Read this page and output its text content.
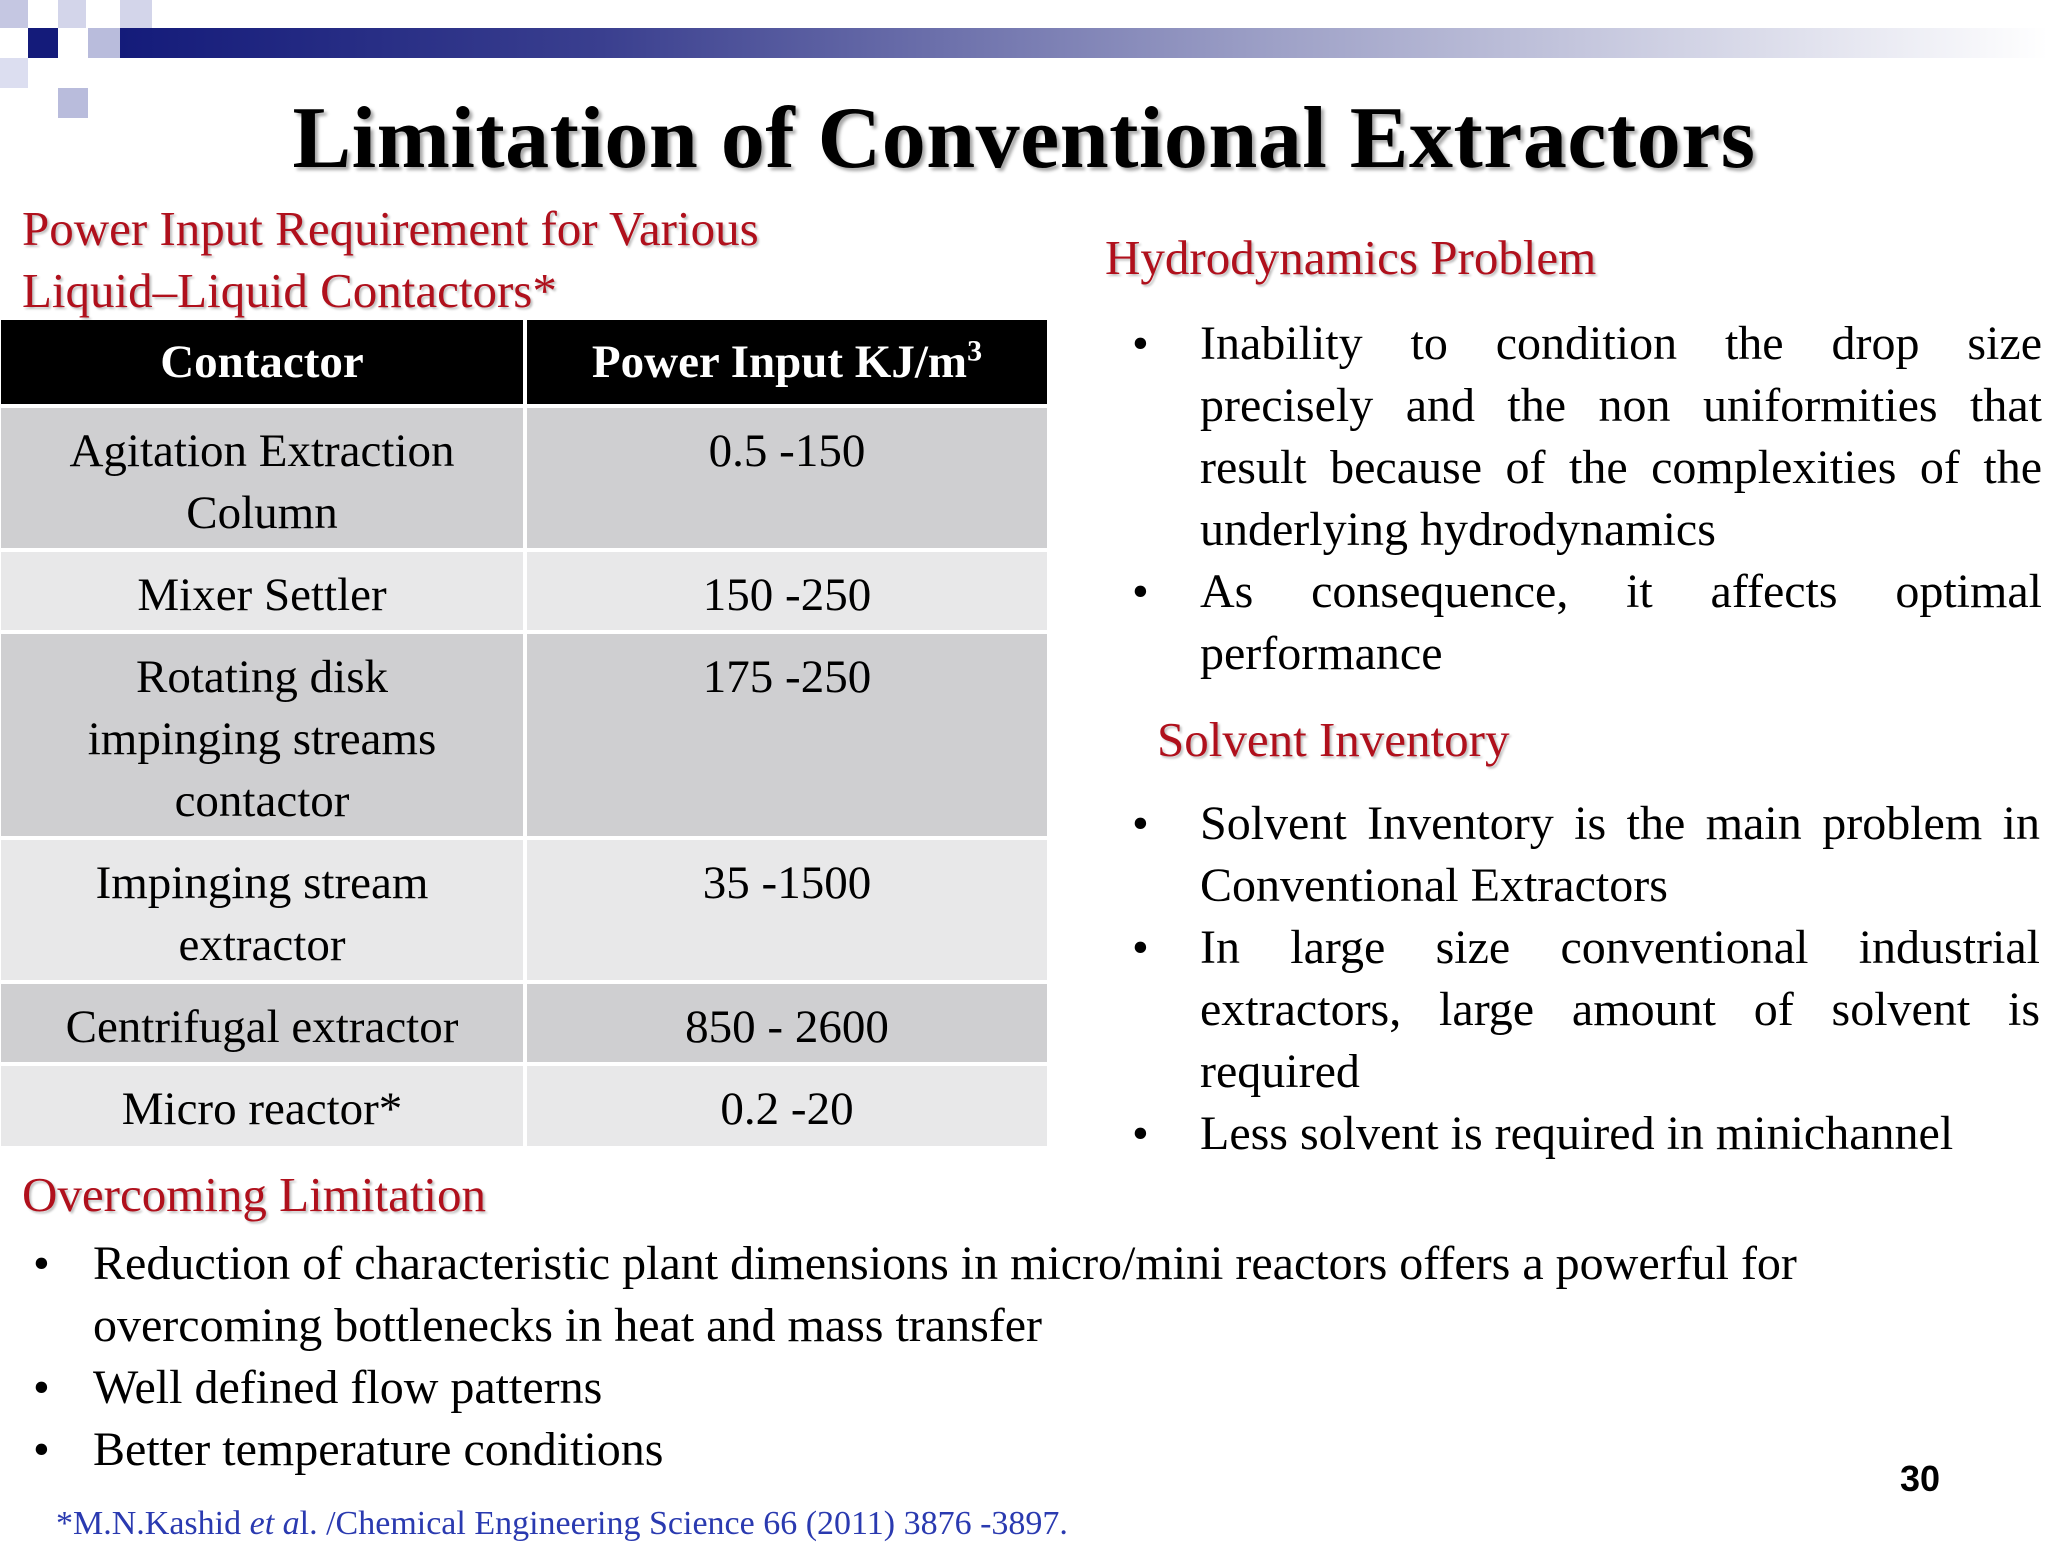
Limitation of Conventional Extractors
Power Input Requirement for Various
Liquid–Liquid Contactors*
Contactor	Power Input $KJ/m^3$
Agitation Extraction Column	0.5 -150
Mixer Settler	150 -250
Rotating disk impinging streams contactor	175 -250
Impinging stream extractor	35 -1500
Centrifugal extractor	850 - 2600
Micro reactor*	0.2 -20
Hydrodynamics Problem
• Inability to condition the drop size precisely and the non uniformities that result because of the complexities of the underlying hydrodynamics
• As consequence, it affects optimal performance
Solvent Inventory
• Solvent Inventory is the main problem in Conventional Extractors
• In large size conventional industrial extractors, large amount of solvent is required
• Less solvent is required in minichannel
Overcoming Limitation
• Reduction of characteristic plant dimensions in micro/mini reactors offers a powerful for overcoming bottlenecks in heat and mass transfer
• Well defined flow patterns
• Better temperature conditions
30
*M.N.Kashid et al. /Chemical Engineering Science 66 (2011) 3876 -3897.
